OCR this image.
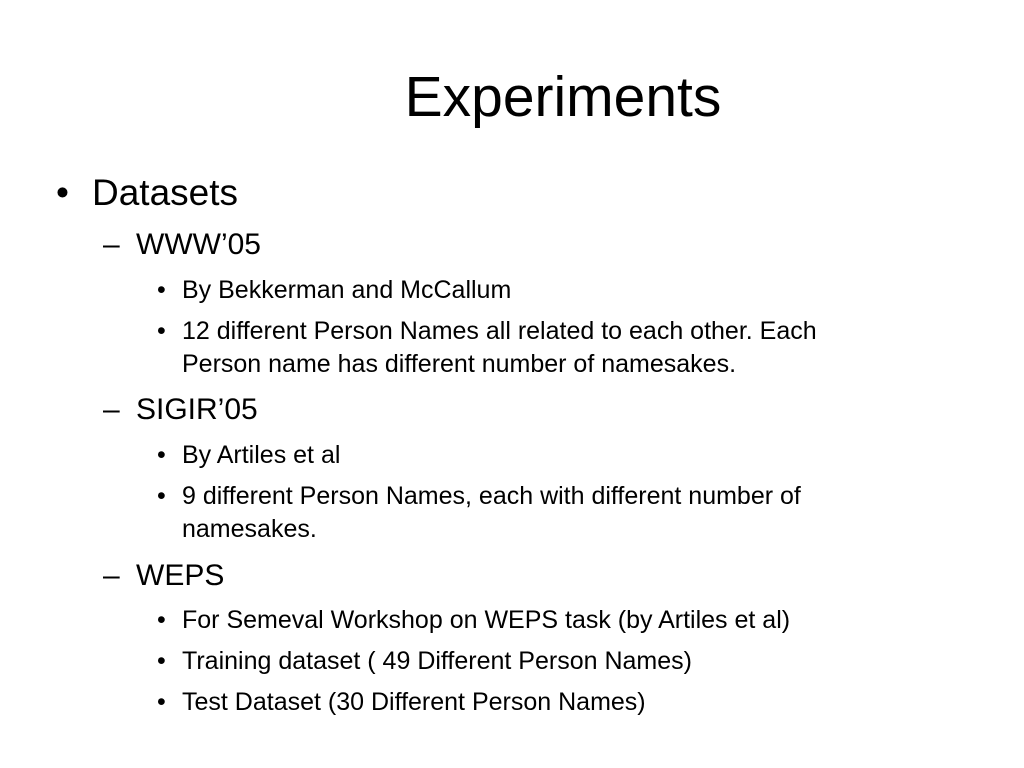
Experiments
• Datasets

– WWW’05

• By Bekkerman and McCallum

• 12 different Person Names all related to each other. Each

Person name has different number of namesakes.

– SIGIR’05

• By Artiles et al

• 9 different Person Names, each with different number of

namesakes.

– WEPS

• For Semeval Workshop on WEPS task (by Artiles et al)

• Training dataset ( 49 Different Person Names)

• Test Dataset (30 Different Person Names)
